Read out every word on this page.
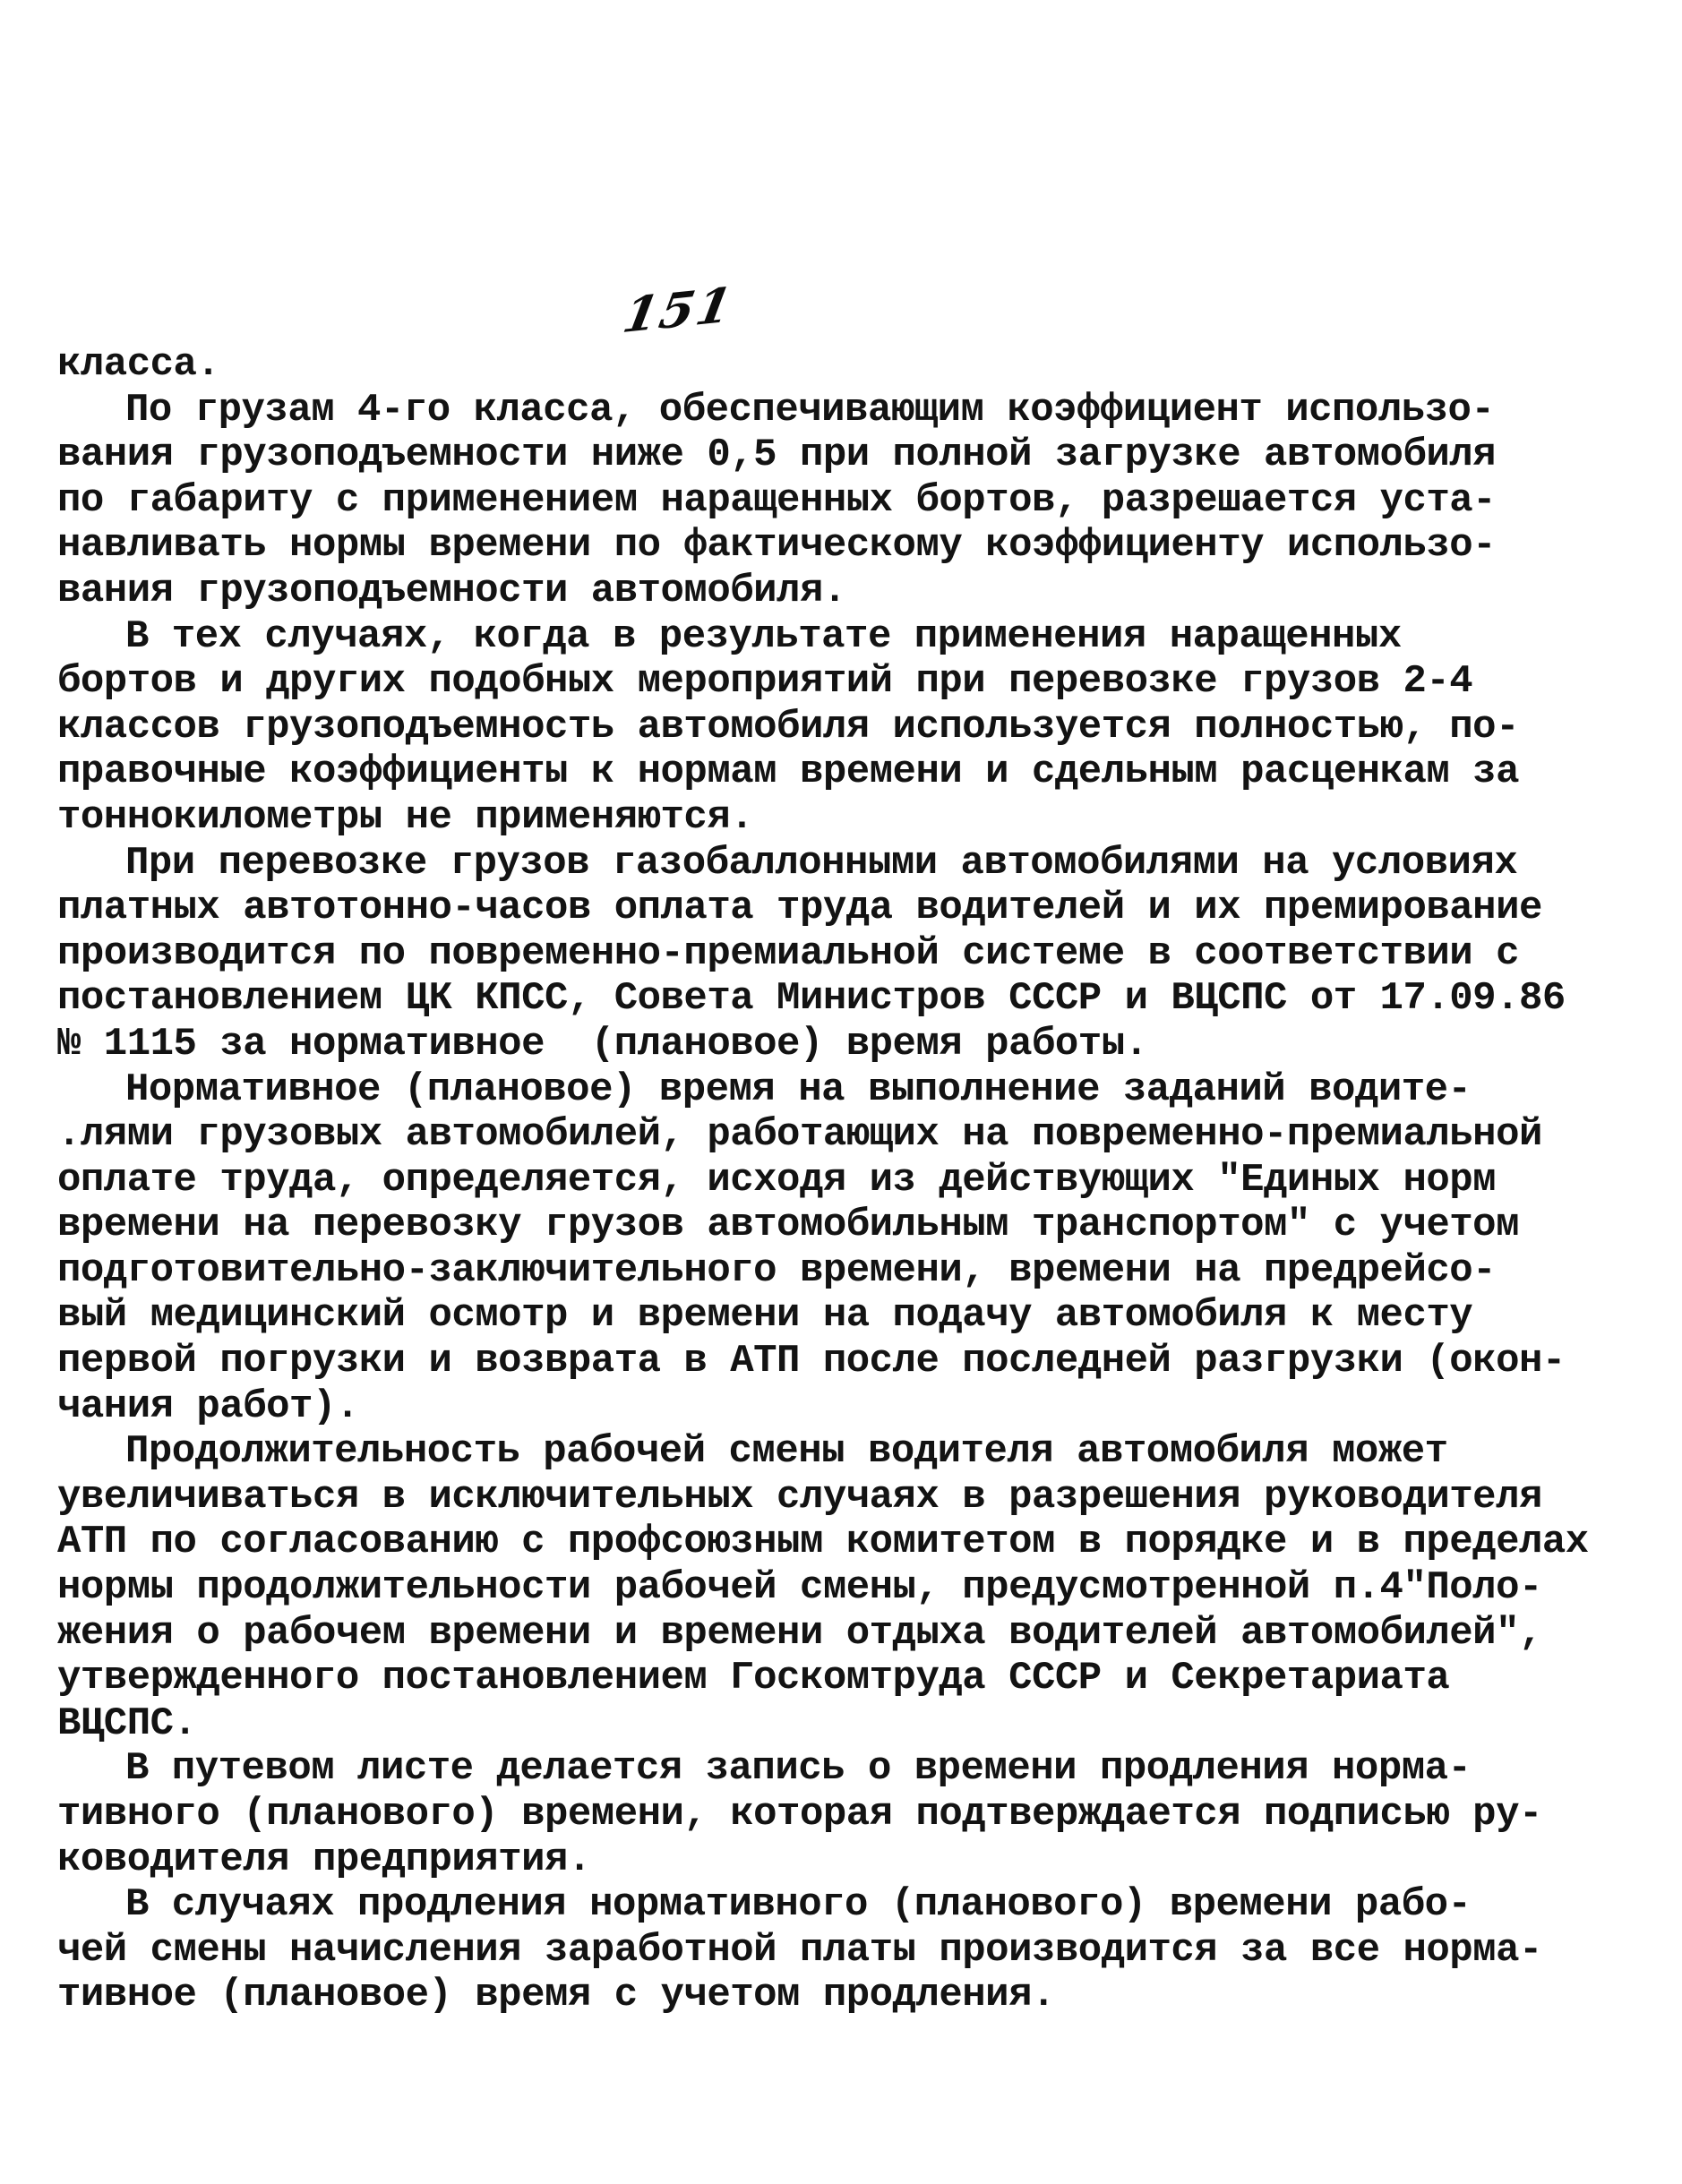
151
класса.
По грузам 4-го класса, обеспечивающим коэффициент использо-
вания грузоподъемности ниже 0,5 при полной загрузке автомобиля
по габариту с применением наращенных бортов, разрешается уста-
навливать нормы времени по фактическому коэффициенту использо-
вания грузоподъемности автомобиля.
В тех случаях, когда в результате применения наращенных
бортов и других подобных мероприятий при перевозке грузов 2-4
классов грузоподъемность автомобиля используется полностью, по-
правочные коэффициенты к нормам времени и сдельным расценкам за
тоннокилометры не применяются.
При перевозке грузов газобаллонными автомобилями на условиях
платных автотонно-часов оплата труда водителей и их премирование
производится по повременно-премиальной системе в соответствии с
постановлением ЦК КПСС, Совета Министров СССР и ВЦСПС от 17.09.86
№ 1115 за нормативное  (плановое) время работы.
Нормативное (плановое) время на выполнение заданий водите-
.лями грузовых автомобилей, работающих на повременно-премиальной
оплате труда, определяется, исходя из действующих "Единых норм
времени на перевозку грузов автомобильным транспортом" с учетом
подготовительно-заключительного времени, времени на предрейсо-
вый медицинский осмотр и времени на подачу автомобиля к месту
первой погрузки и возврата в АТП после последней разгрузки (окон-
чания работ).
Продолжительность рабочей смены водителя автомобиля может
увеличиваться в исключительных случаях в разрешения руководителя
АТП по согласованию с профсоюзным комитетом в порядке и в пределах
нормы продолжительности рабочей смены, предусмотренной п.4"Поло-
жения о рабочем времени и времени отдыха водителей автомобилей",
утвержденного постановлением Госкомтруда СССР и Секретариата
ВЦСПС.
В путевом листе делается запись о времени продления норма-
тивного (планового) времени, которая подтверждается подписью ру-
ководителя предприятия.
В случаях продления нормативного (планового) времени рабо-
чей смены начисления заработной платы производится за все норма-
тивное (плановое) время с учетом продления.
